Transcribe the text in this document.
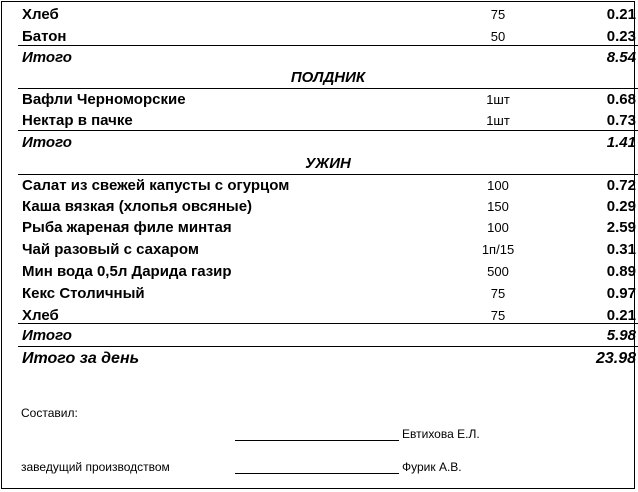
Хлеб	75	0.21
Батон	50	0.23
Итого	8.54
ПОЛДНИК
Вафли Черноморские	1шт	0.68
Нектар в пачке	1шт	0.73
Итого	1.41
УЖИН
Салат из свежей капусты с огурцом	100	0.72
Каша вязкая (хлопья овсяные)	150	0.29
Рыба жареная филе минтая	100	2.59
Чай разовый с сахаром	1п/15	0.31
Мин вода 0,5л Дарида газир	500	0.89
Кекс Столичный	75	0.97
Хлеб	75	0.21
Итого	5.98
Итого за день	23.98
Составил:
Евтихова Е.Л.
заведущий производством	Фурик А.В.
